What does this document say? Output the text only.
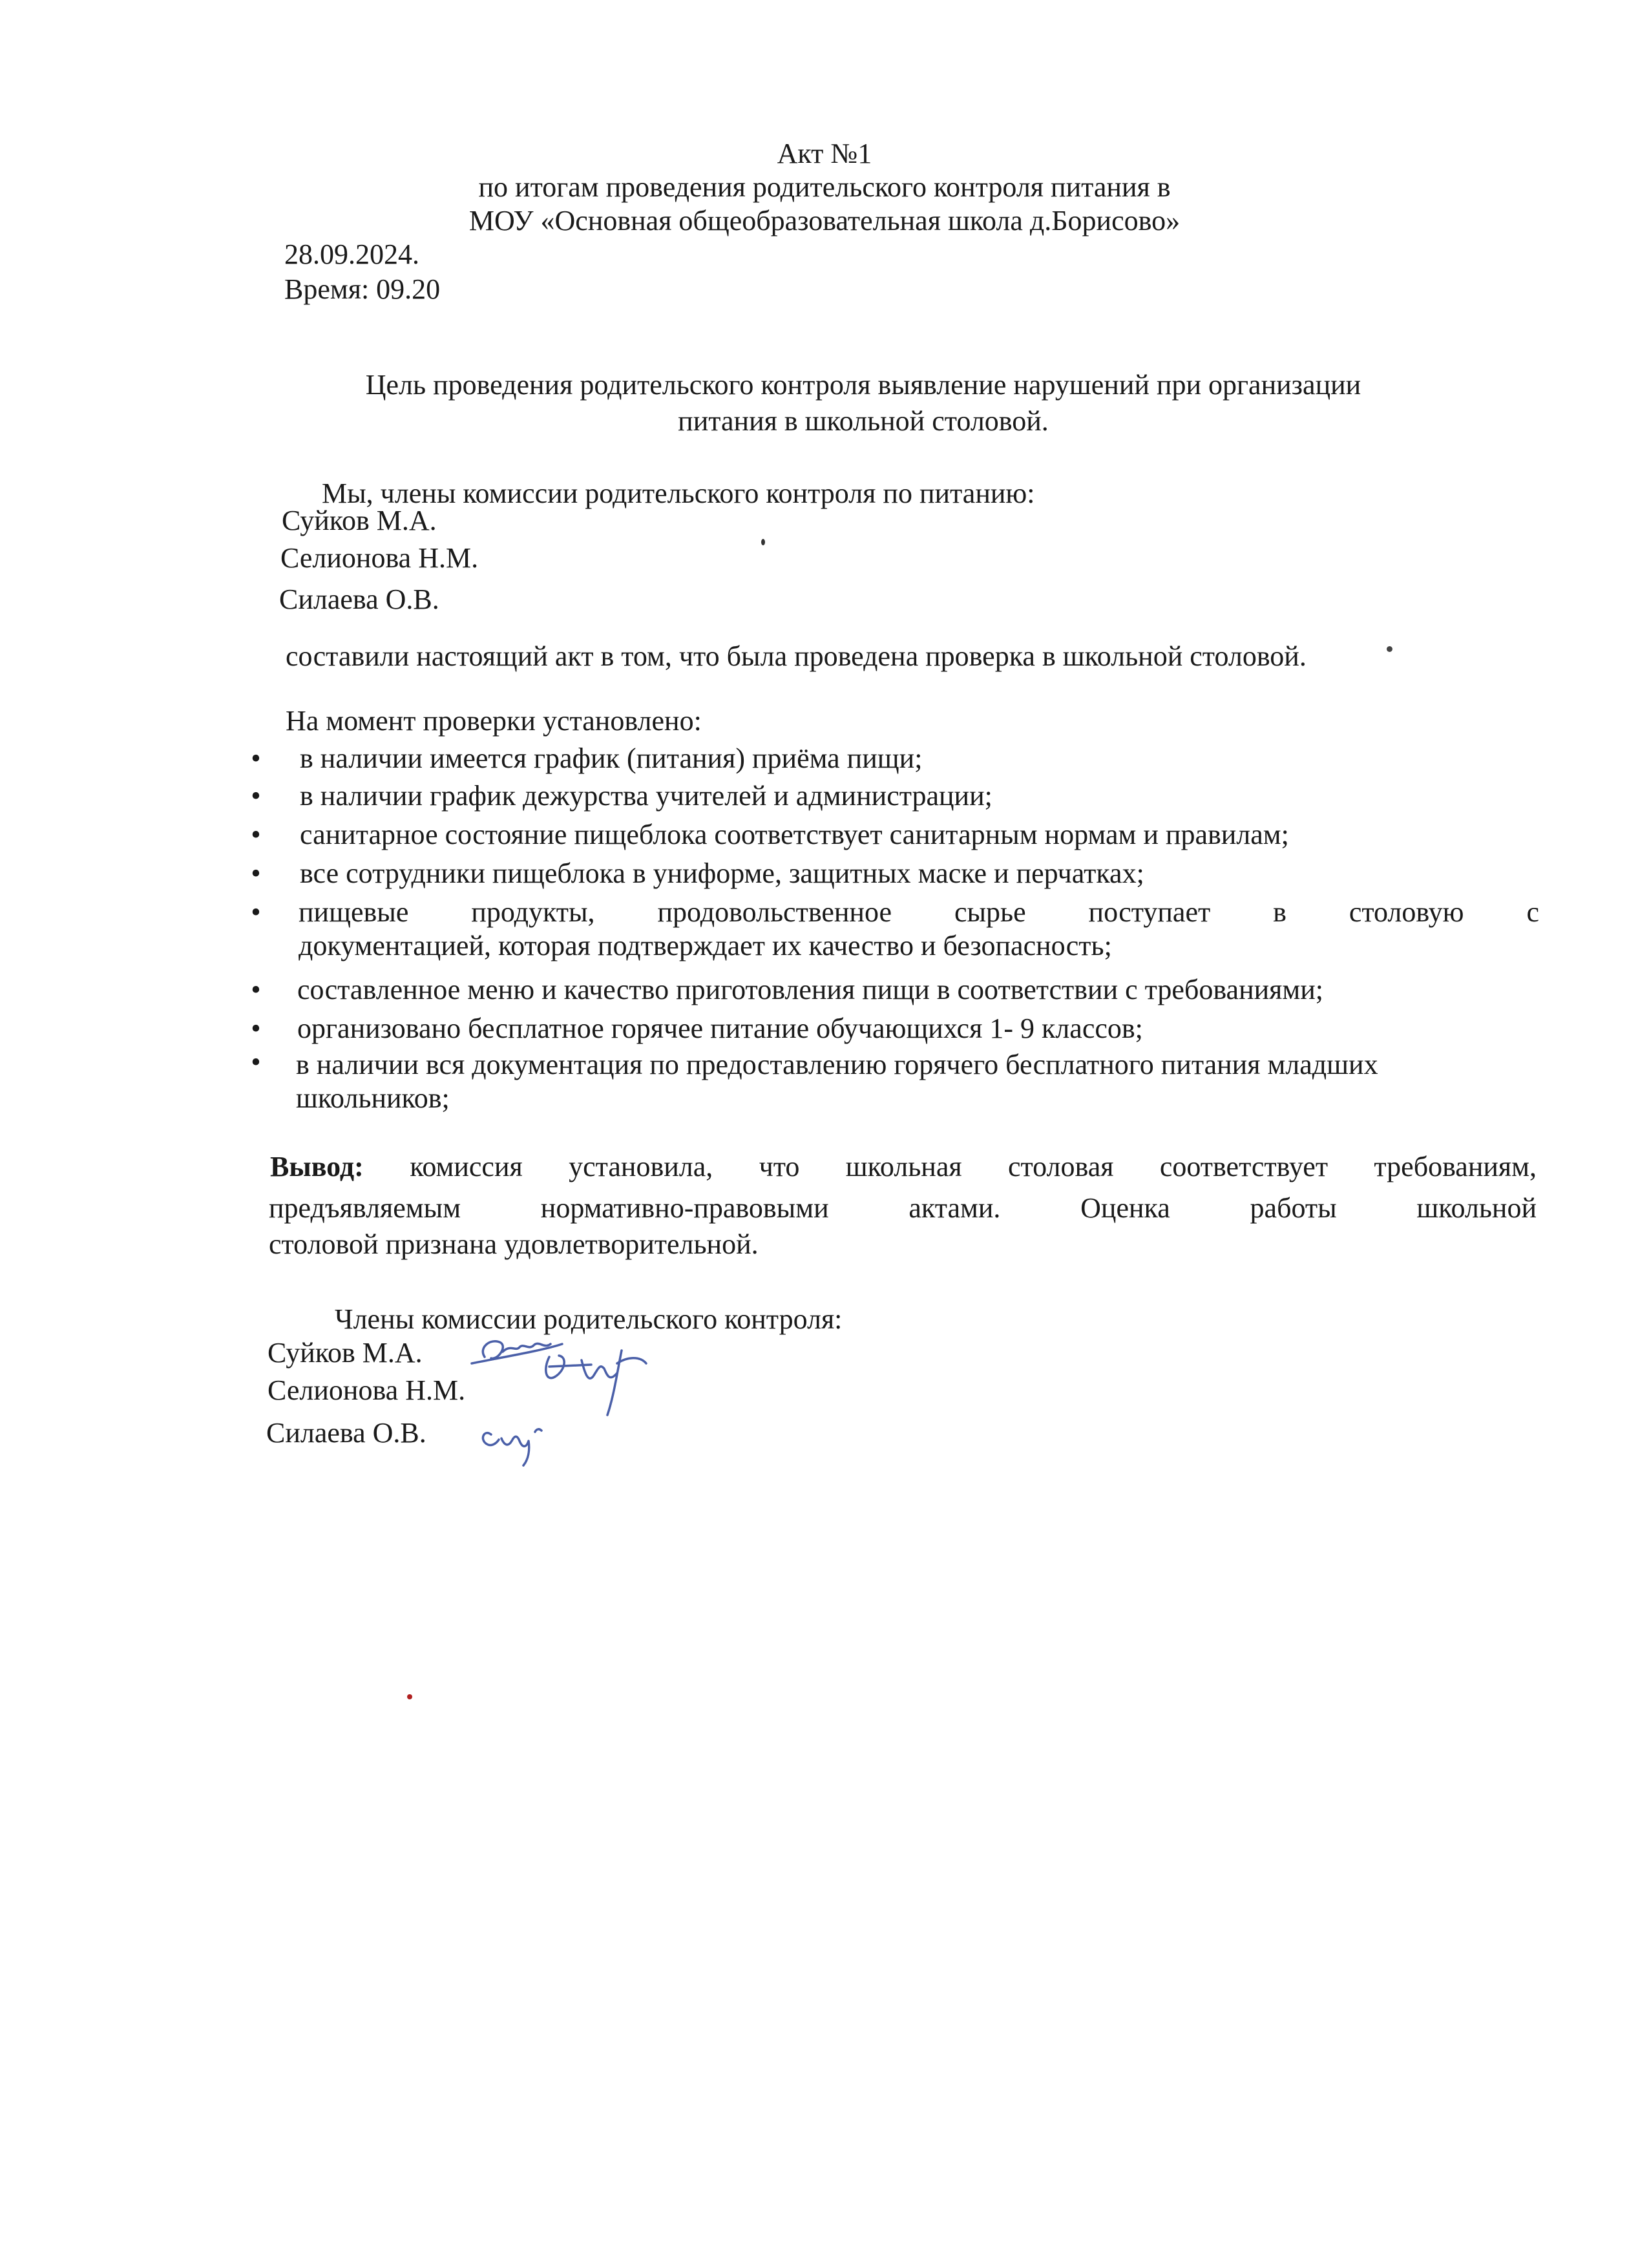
Акт №1
по итогам проведения родительского контроля питания в
МОУ «Основная общеобразовательная школа д.Борисово»
28.09.2024.
Время: 09.20
Цель проведения родительского контроля выявление нарушений при организации
питания в школьной столовой.
Мы, члены комиссии родительского контроля по питанию:
Суйков М.А.
Селионова Н.М.
Силаева О.В.
составили настоящий акт в том, что была проведена проверка в школьной столовой.
На момент проверки установлено:
• в наличии имеется график (питания) приёма пищи;
• в наличии график дежурства учителей и администрации;
• санитарное состояние пищеблока соответствует санитарным нормам и правилам;
• все сотрудники пищеблока в униформе, защитных маске и перчатках;
• пищевые продукты, продовольственное сырье поступает в столовую с
документацией, которая подтверждает их качество и безопасность;
• составленное меню и качество приготовления пищи в соответствии с требованиями;
• организовано бесплатное горячее питание обучающихся 1- 9 классов;
• в наличии вся документация по предоставлению горячего бесплатного питания младших
школьников;
Вывод: комиссия установила, что школьная столовая соответствует требованиям,
предъявляемым нормативно-правовыми актами. Оценка работы школьной
столовой признана удовлетворительной.
Члены комиссии родительского контроля:
Суйков М.А.
Селионова Н.М.
Силаева О.В.
